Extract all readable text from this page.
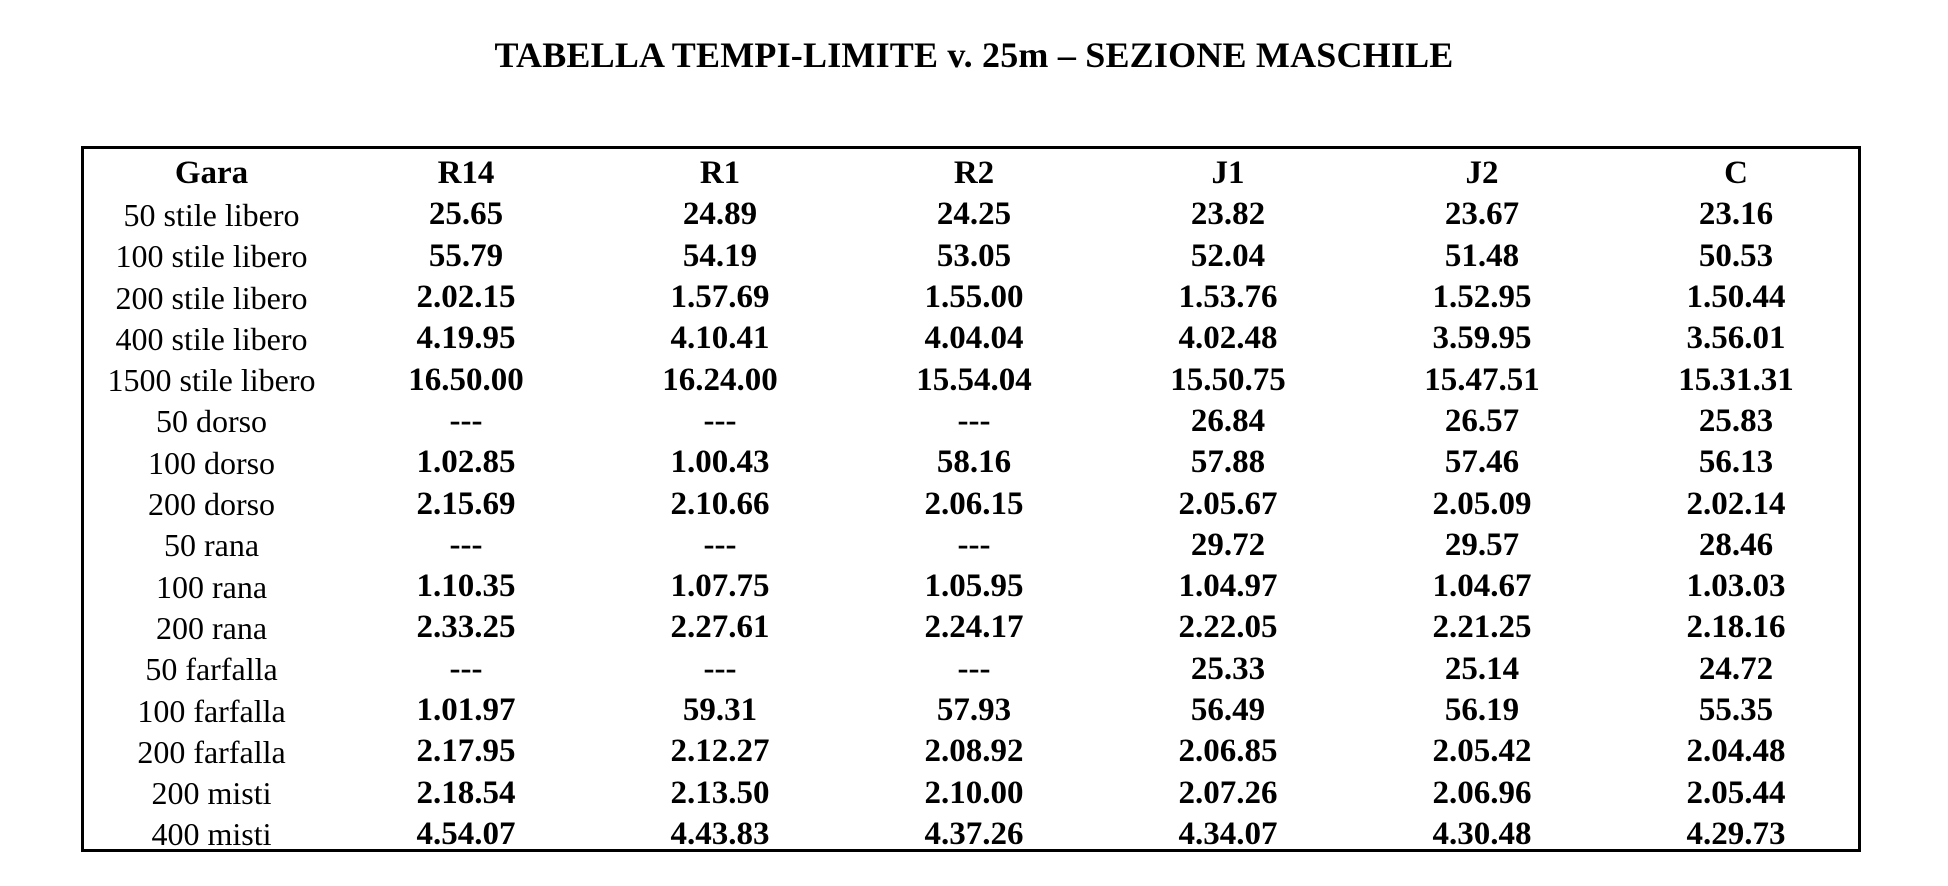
TABELLA TEMPI-LIMITE v. 25m – SEZIONE MASCHILE
Gara	R14	R1	R2	J1	J2	C
50 stile libero	25.65	24.89	24.25	23.82	23.67	23.16
100 stile libero	55.79	54.19	53.05	52.04	51.48	50.53
200 stile libero	2.02.15	1.57.69	1.55.00	1.53.76	1.52.95	1.50.44
400 stile libero	4.19.95	4.10.41	4.04.04	4.02.48	3.59.95	3.56.01
1500 stile libero	16.50.00	16.24.00	15.54.04	15.50.75	15.47.51	15.31.31
50 dorso	---	---	---	26.84	26.57	25.83
100 dorso	1.02.85	1.00.43	58.16	57.88	57.46	56.13
200 dorso	2.15.69	2.10.66	2.06.15	2.05.67	2.05.09	2.02.14
50 rana	---	---	---	29.72	29.57	28.46
100 rana	1.10.35	1.07.75	1.05.95	1.04.97	1.04.67	1.03.03
200 rana	2.33.25	2.27.61	2.24.17	2.22.05	2.21.25	2.18.16
50 farfalla	---	---	---	25.33	25.14	24.72
100 farfalla	1.01.97	59.31	57.93	56.49	56.19	55.35
200 farfalla	2.17.95	2.12.27	2.08.92	2.06.85	2.05.42	2.04.48
200 misti	2.18.54	2.13.50	2.10.00	2.07.26	2.06.96	2.05.44
400 misti	4.54.07	4.43.83	4.37.26	4.34.07	4.30.48	4.29.73
